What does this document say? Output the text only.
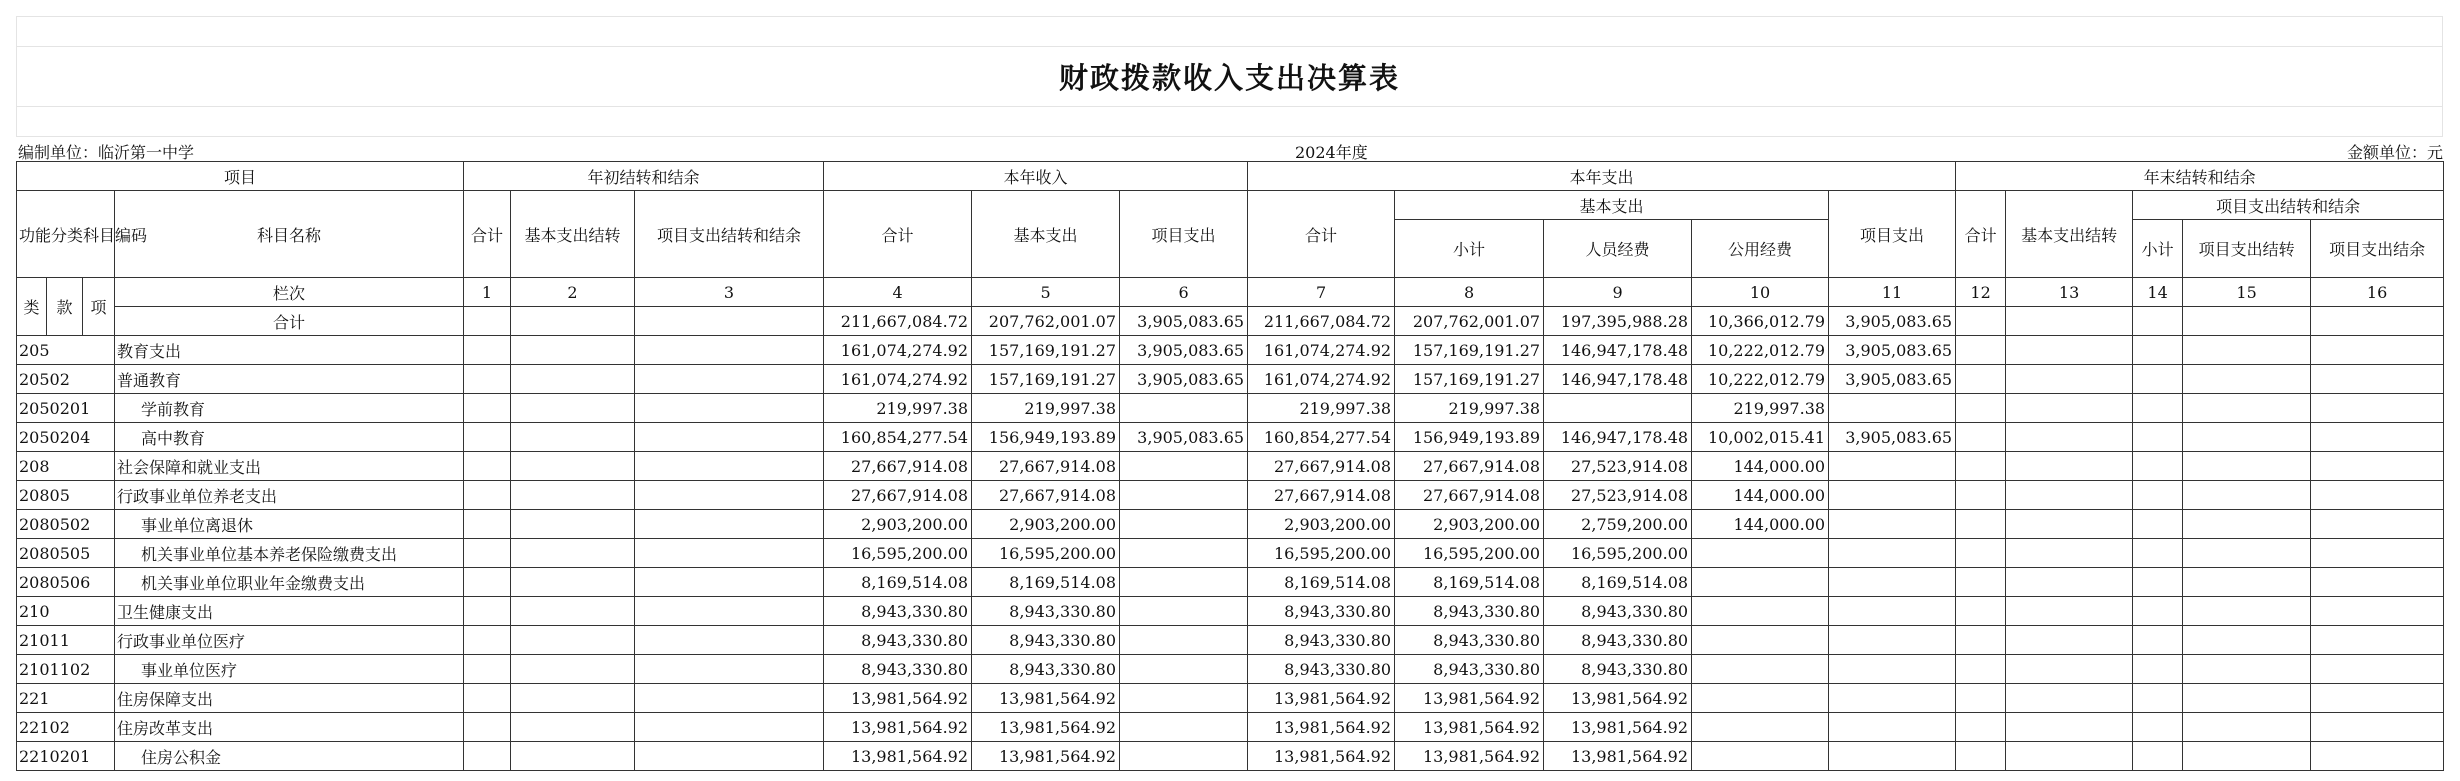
财政拨款收入支出决算表
编制单位：临沂第一中学	2024年度	金额单位：元
项目				年初结转和结余			本年收入			本年支出					年末结转和结余				
功能分类科目编码			科目名称	合计	基本支出结转	项目支出结转和结余	合计	基本支出	项目支出	合计	基本支出			项目支出	合计	基本支出结转	项目支出结转和结余		
											小计	人员经费	公用经费				小计	项目支出结转	项目支出结余
类	款	项	栏次	1	2	3	4	5	6	7	8	9	10	11	12	13	14	15	16
			合计				211,667,084.72	207,762,001.07	3,905,083.65	211,667,084.72	207,762,001.07	197,395,988.28	10,366,012.79	3,905,083.65					
205			教育支出				161,074,274.92	157,169,191.27	3,905,083.65	161,074,274.92	157,169,191.27	146,947,178.48	10,222,012.79	3,905,083.65					
20502			普通教育				161,074,274.92	157,169,191.27	3,905,083.65	161,074,274.92	157,169,191.27	146,947,178.48	10,222,012.79	3,905,083.65					
2050201			学前教育				219,997.38	219,997.38		219,997.38	219,997.38		219,997.38						
2050204			高中教育				160,854,277.54	156,949,193.89	3,905,083.65	160,854,277.54	156,949,193.89	146,947,178.48	10,002,015.41	3,905,083.65					
208			社会保障和就业支出				27,667,914.08	27,667,914.08		27,667,914.08	27,667,914.08	27,523,914.08	144,000.00						
20805			行政事业单位养老支出				27,667,914.08	27,667,914.08		27,667,914.08	27,667,914.08	27,523,914.08	144,000.00						
2080502			事业单位离退休				2,903,200.00	2,903,200.00		2,903,200.00	2,903,200.00	2,759,200.00	144,000.00						
2080505			机关事业单位基本养老保险缴费支出				16,595,200.00	16,595,200.00		16,595,200.00	16,595,200.00	16,595,200.00							
2080506			机关事业单位职业年金缴费支出				8,169,514.08	8,169,514.08		8,169,514.08	8,169,514.08	8,169,514.08							
210			卫生健康支出				8,943,330.80	8,943,330.80		8,943,330.80	8,943,330.80	8,943,330.80							
21011			行政事业单位医疗				8,943,330.80	8,943,330.80		8,943,330.80	8,943,330.80	8,943,330.80							
2101102			事业单位医疗				8,943,330.80	8,943,330.80		8,943,330.80	8,943,330.80	8,943,330.80							
221			住房保障支出				13,981,564.92	13,981,564.92		13,981,564.92	13,981,564.92	13,981,564.92							
22102			住房改革支出				13,981,564.92	13,981,564.92		13,981,564.92	13,981,564.92	13,981,564.92							
2210201			住房公积金				13,981,564.92	13,981,564.92		13,981,564.92	13,981,564.92	13,981,564.92							
